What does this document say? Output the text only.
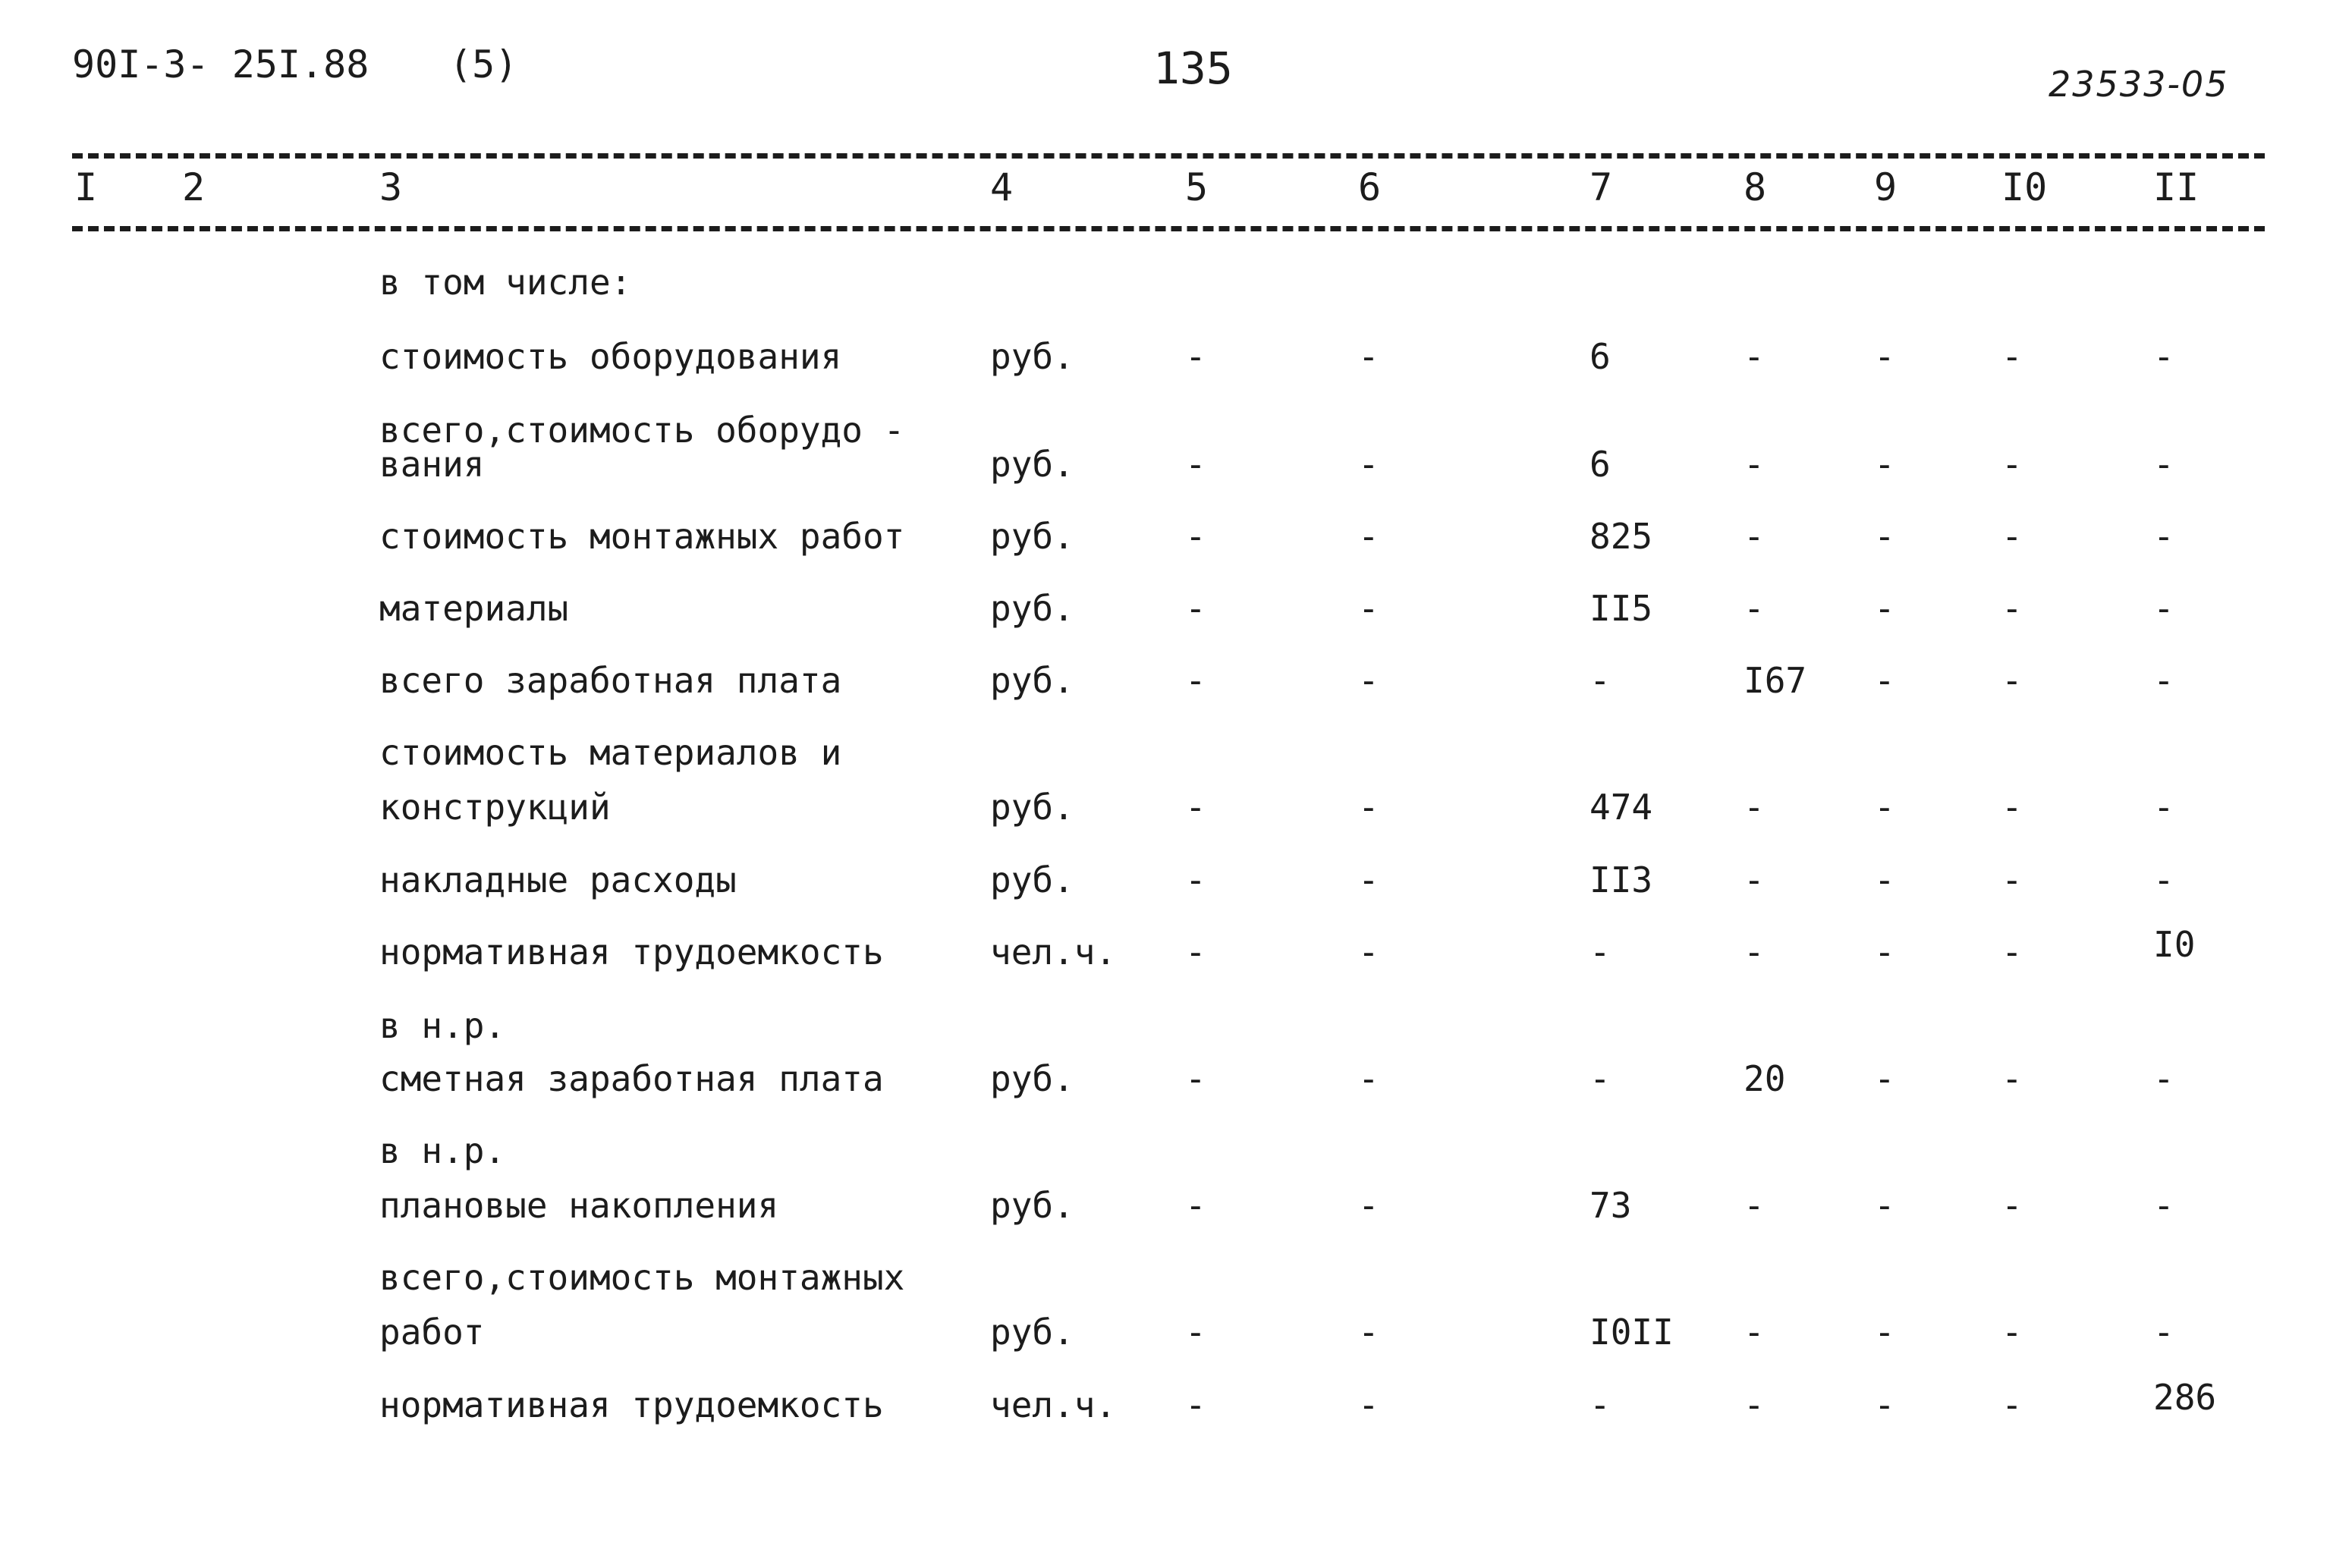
90I-3- 25I.88 (5)	135	23533-05
I 2	3	4	5	6	7	8	9	I0	II
в том числе:
стоимость оборудования	руб.	-	-	6	-	-	-	-
всего,стоимость оборудо -
вания	руб.	-	-	6	-	-	-	-
стоимость монтажных работ руб.	-	-	825	-	-	-	-
материалы	руб.	-	-	II5	-	-	-	-
всего заработная плата	руб.	-	-	-	I67 -	-	-
стоимость материалов и
конструкций	руб.	-	-	474	-	-	-	-
накладные расходы	руб.	-	-	II3	-	-	-	-
нормативная трудоемкость	чел.ч. -	-	-	-	-	-	I0
в н.р.
сметная заработная плата	руб.	-	-	-	20	-	-	-
в н.р.
плановые накопления	руб.	-	-	73	-	-	-	-
всего,стоимость монтажных
работ	руб.	-	-	I0II -	-	-	-
нормативная трудоемкость	чел.ч. -	-	-	-	-	-	286
